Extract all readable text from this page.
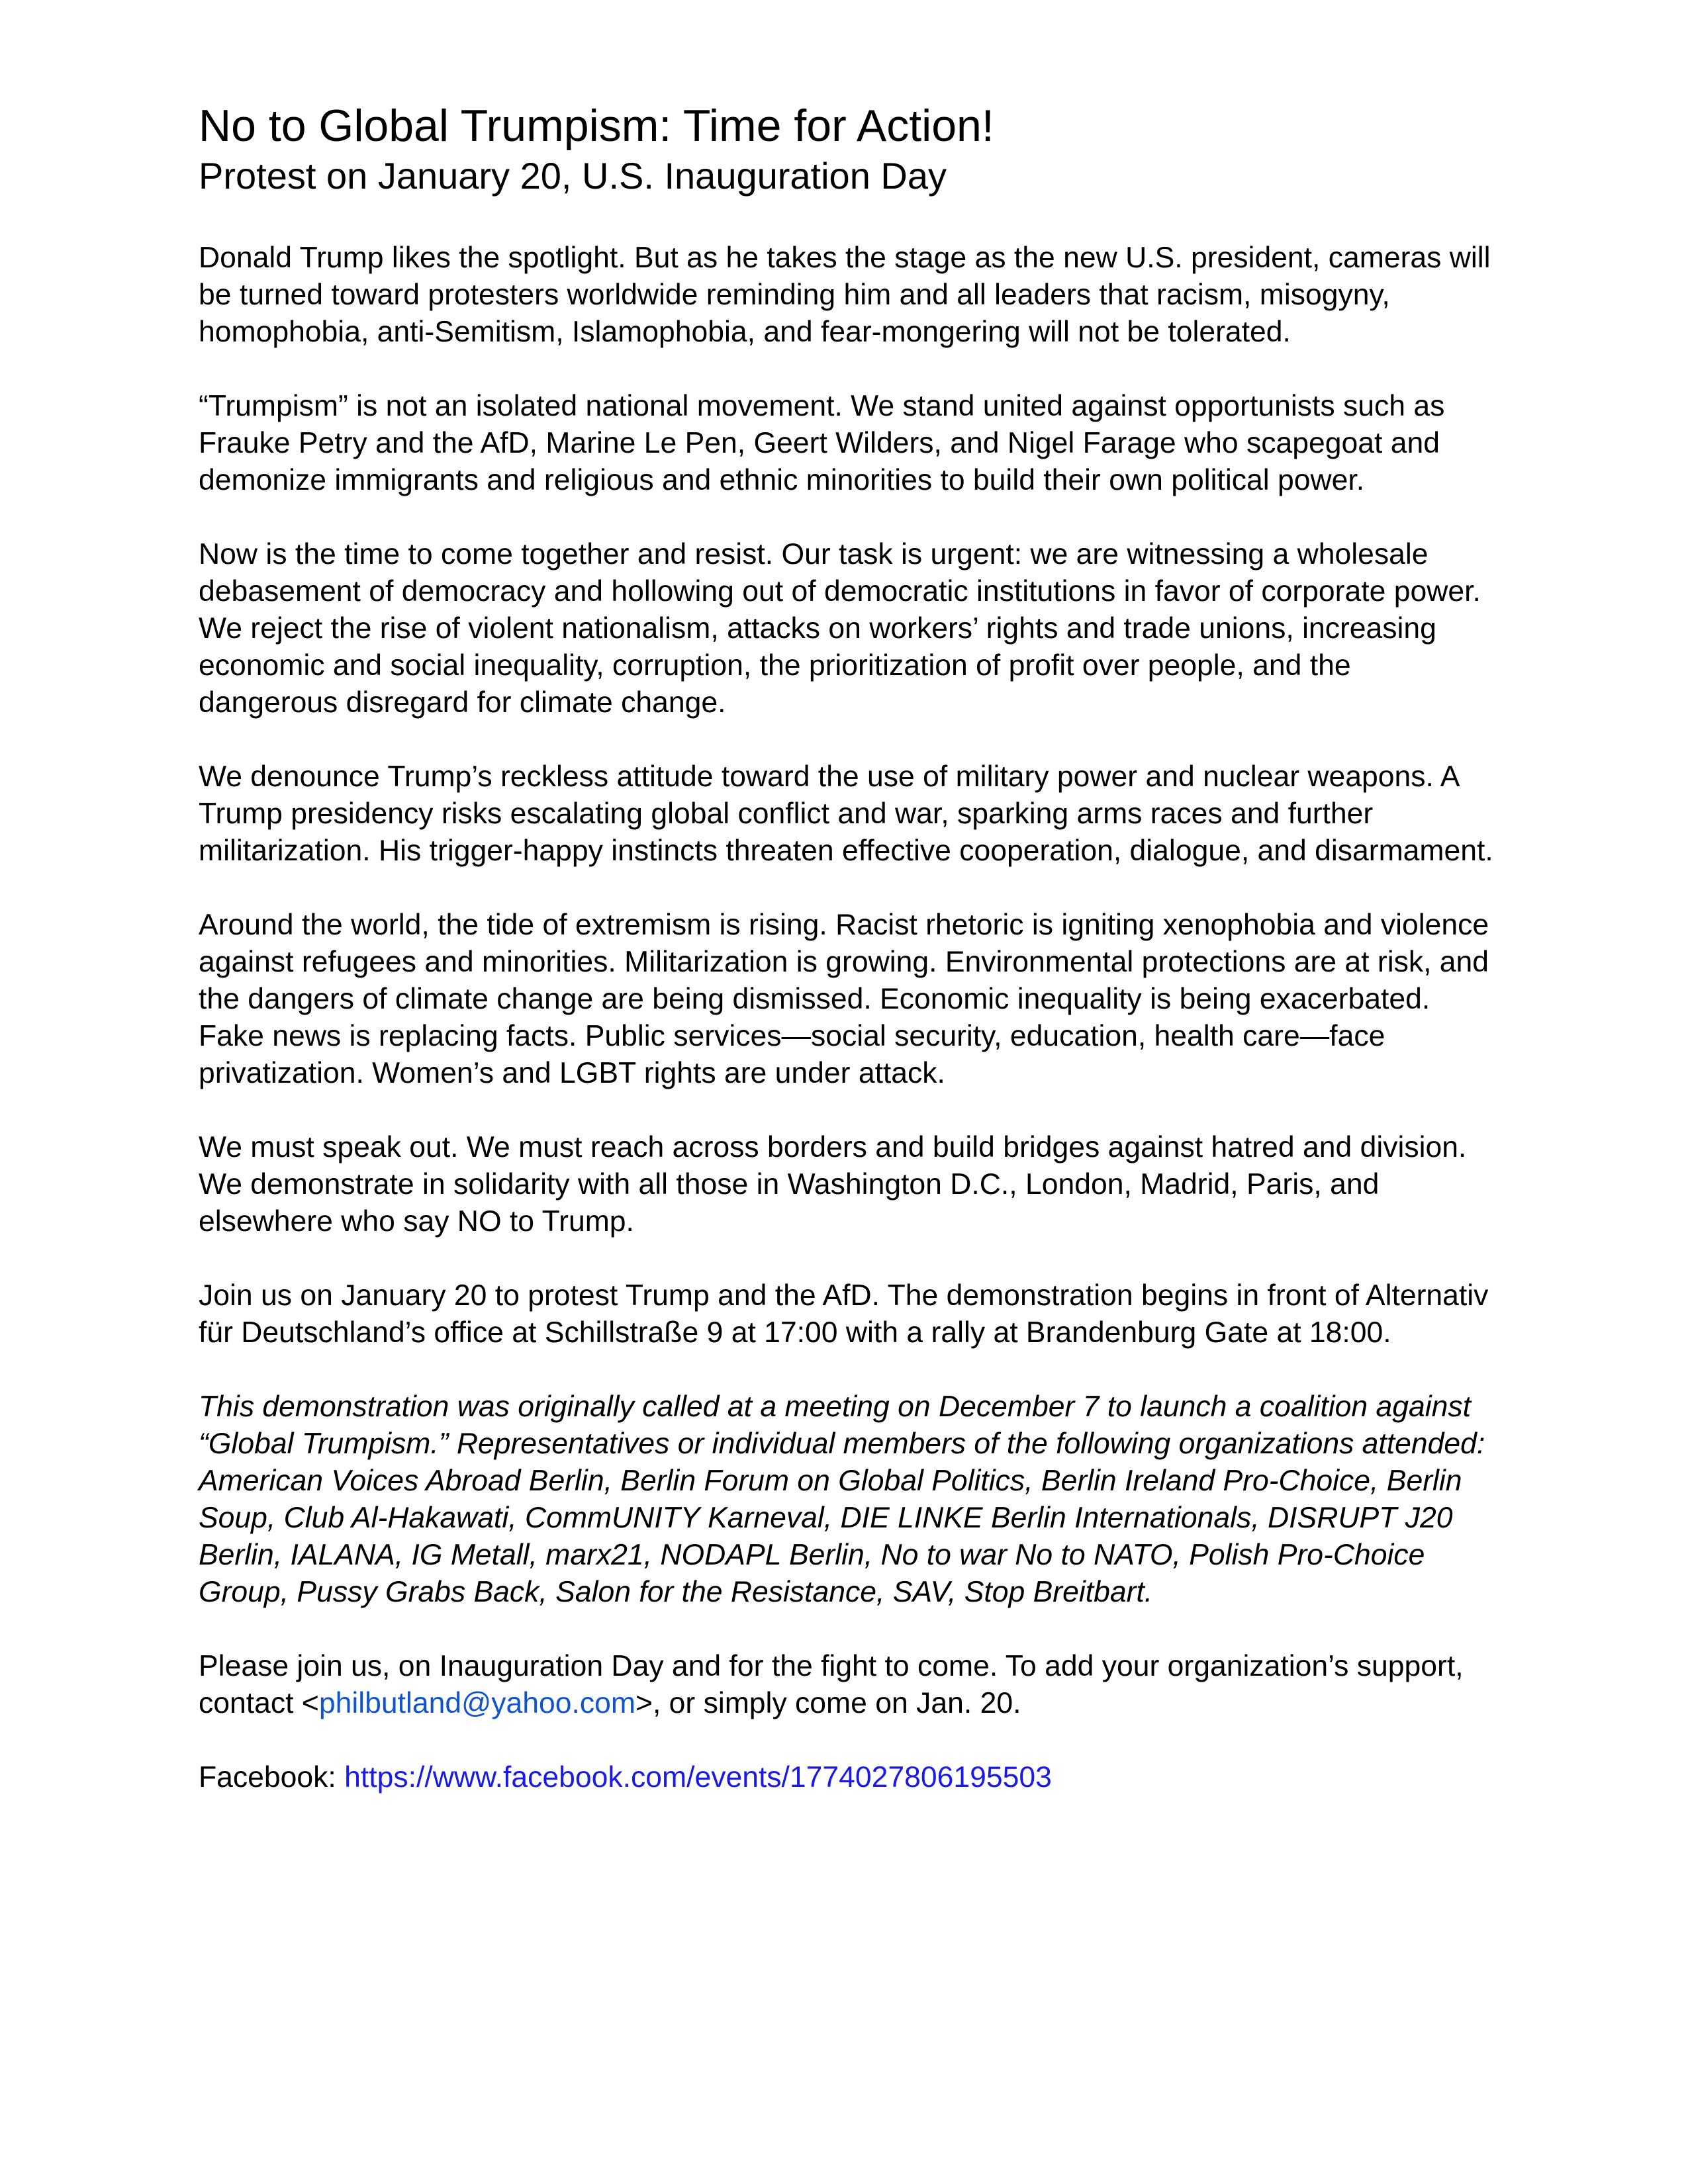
No to Global Trumpism: Time for Action!
Protest on January 20, U.S. Inauguration Day

Donald Trump likes the spotlight. But as he takes the stage as the new U.S. president, cameras will be turned toward protesters worldwide reminding him and all leaders that racism, misogyny, homophobia, anti-Semitism, Islamophobia, and fear-mongering will not be tolerated.

“Trumpism” is not an isolated national movement. We stand united against opportunists such as Frauke Petry and the AfD, Marine Le Pen, Geert Wilders, and Nigel Farage who scapegoat and demonize immigrants and religious and ethnic minorities to build their own political power.

Now is the time to come together and resist. Our task is urgent: we are witnessing a wholesale debasement of democracy and hollowing out of democratic institutions in favor of corporate power. We reject the rise of violent nationalism, attacks on workers’ rights and trade unions, increasing economic and social inequality, corruption, the prioritization of profit over people, and the dangerous disregard for climate change.

We denounce Trump’s reckless attitude toward the use of military power and nuclear weapons. A Trump presidency risks escalating global conflict and war, sparking arms races and further militarization. His trigger-happy instincts threaten effective cooperation, dialogue, and disarmament.

Around the world, the tide of extremism is rising. Racist rhetoric is igniting xenophobia and violence against refugees and minorities. Militarization is growing. Environmental protections are at risk, and the dangers of climate change are being dismissed. Economic inequality is being exacerbated. Fake news is replacing facts. Public services—social security, education, health care—face privatization. Women’s and LGBT rights are under attack.

We must speak out. We must reach across borders and build bridges against hatred and division. We demonstrate in solidarity with all those in Washington D.C., London, Madrid, Paris, and elsewhere who say NO to Trump.

Join us on January 20 to protest Trump and the AfD. The demonstration begins in front of Alternativ für Deutschland’s office at Schillstraße 9 at 17:00 with a rally at Brandenburg Gate at 18:00.

This demonstration was originally called at a meeting on December 7 to launch a coalition against “Global Trumpism.” Representatives or individual members of the following organizations attended: American Voices Abroad Berlin, Berlin Forum on Global Politics, Berlin Ireland Pro-Choice, Berlin Soup, Club Al-Hakawati, CommUNITY Karneval, DIE LINKE Berlin Internationals, DISRUPT J20 Berlin, IALANA, IG Metall, marx21, NODAPL Berlin, No to war No to NATO, Polish Pro-Choice Group, Pussy Grabs Back, Salon for the Resistance, SAV, Stop Breitbart.

Please join us, on Inauguration Day and for the fight to come. To add your organization’s support, contact <philbutland@yahoo.com>, or simply come on Jan. 20.

Facebook: https://www.facebook.com/events/1774027806195503
